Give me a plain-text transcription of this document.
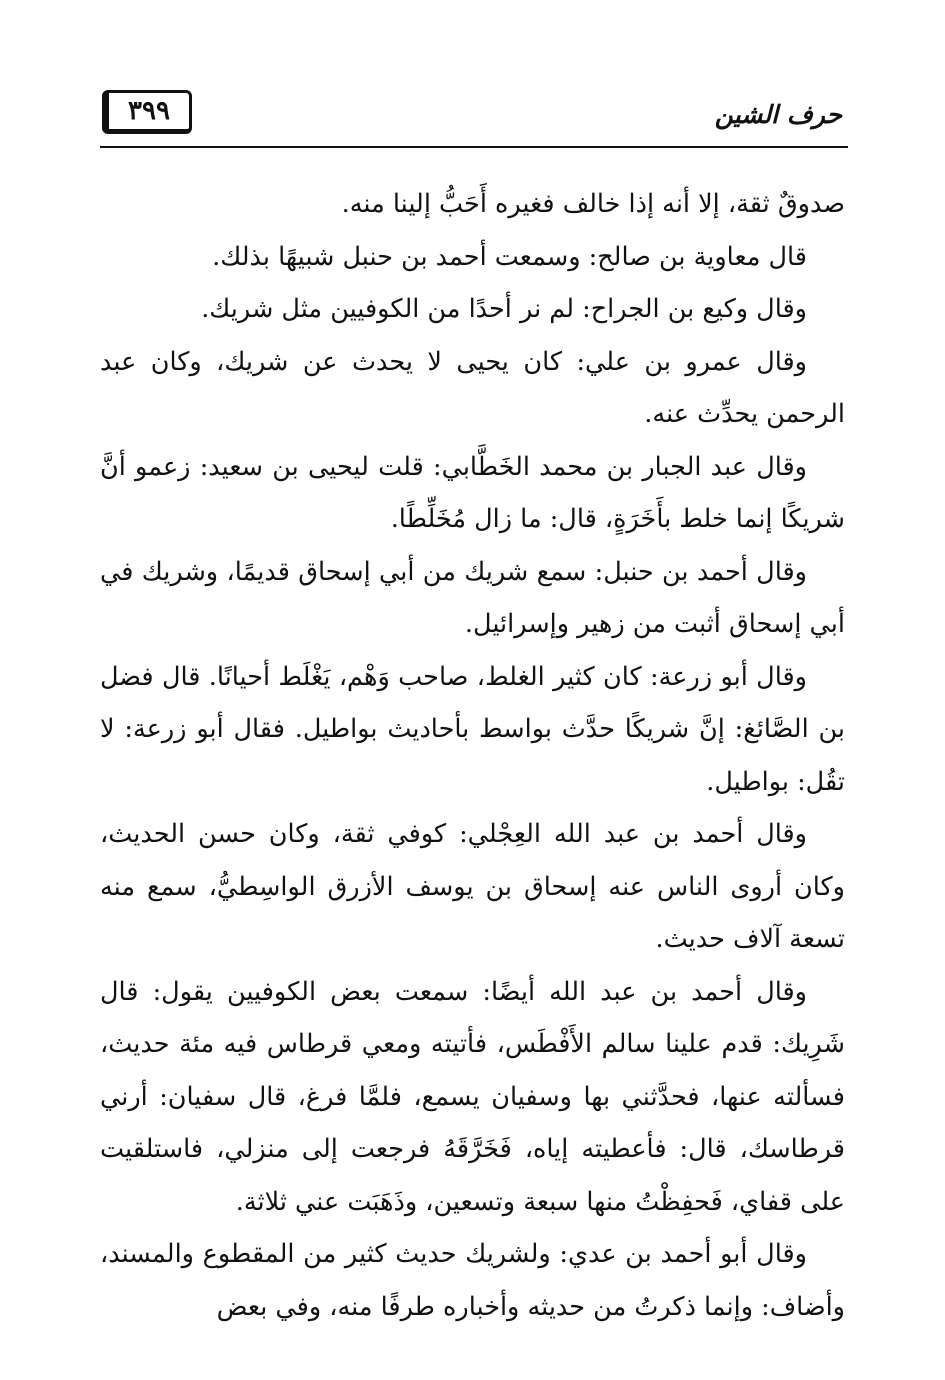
٣٩٩	حرف الشين

صدوقٌ ثقة، إلا أنه إذا خالف فغيره أَحَبُّ إلينا منه.

قال معاوية بن صالح: وسمعت أحمد بن حنبل شبيهًا بذلك.

وقال وكيع بن الجراح: لم نر أحدًا من الكوفيين مثل شريك.

وقال عمرو بن علي: كان يحيى لا يحدث عن شريك، وكان عبد الرحمن يحدِّث عنه.

وقال عبد الجبار بن محمد الخَطَّابي: قلت ليحيى بن سعيد: زعمو أنَّ شريكًا إنما خلط بأَخَرَةٍ، قال: ما زال مُخَلِّطًا.

وقال أحمد بن حنبل: سمع شريك من أبي إسحاق قديمًا، وشريك في أبي إسحاق أثبت من زهير وإسرائيل.

وقال أبو زرعة: كان كثير الغلط، صاحب وَهْم، يَغْلَط أحيانًا. قال فضل بن الصَّائغ: إنَّ شريكًا حدَّث بواسط بأحاديث بواطيل. فقال أبو زرعة: لا تقُل: بواطيل.

وقال أحمد بن عبد الله العِجْلي: كوفي ثقة، وكان حسن الحديث، وكان أروى الناس عنه إسحاق بن يوسف الأزرق الواسِطيُّ، سمع منه تسعة آلاف حديث.

وقال أحمد بن عبد الله أيضًا: سمعت بعض الكوفيين يقول: قال شَرِيك: قدم علينا سالم الأَفْطَس، فأتيته ومعي قرطاس فيه مئة حديث، فسألته عنها، فحدَّثني بها وسفيان يسمع، فلمَّا فرغ، قال سفيان: أرني قرطاسك، قال: فأعطيته إياه، فَخَرَّقَهُ فرجعت إلى منزلي، فاستلقيت على قفاي، فَحفِظْتُ منها سبعة وتسعين، وذَهَبَت عني ثلاثة.

وقال أبو أحمد بن عدي: ولشريك حديث كثير من المقطوع والمسند، وأضاف: وإنما ذكرتُ من حديثه وأخباره طرفًا منه، وفي بعض
